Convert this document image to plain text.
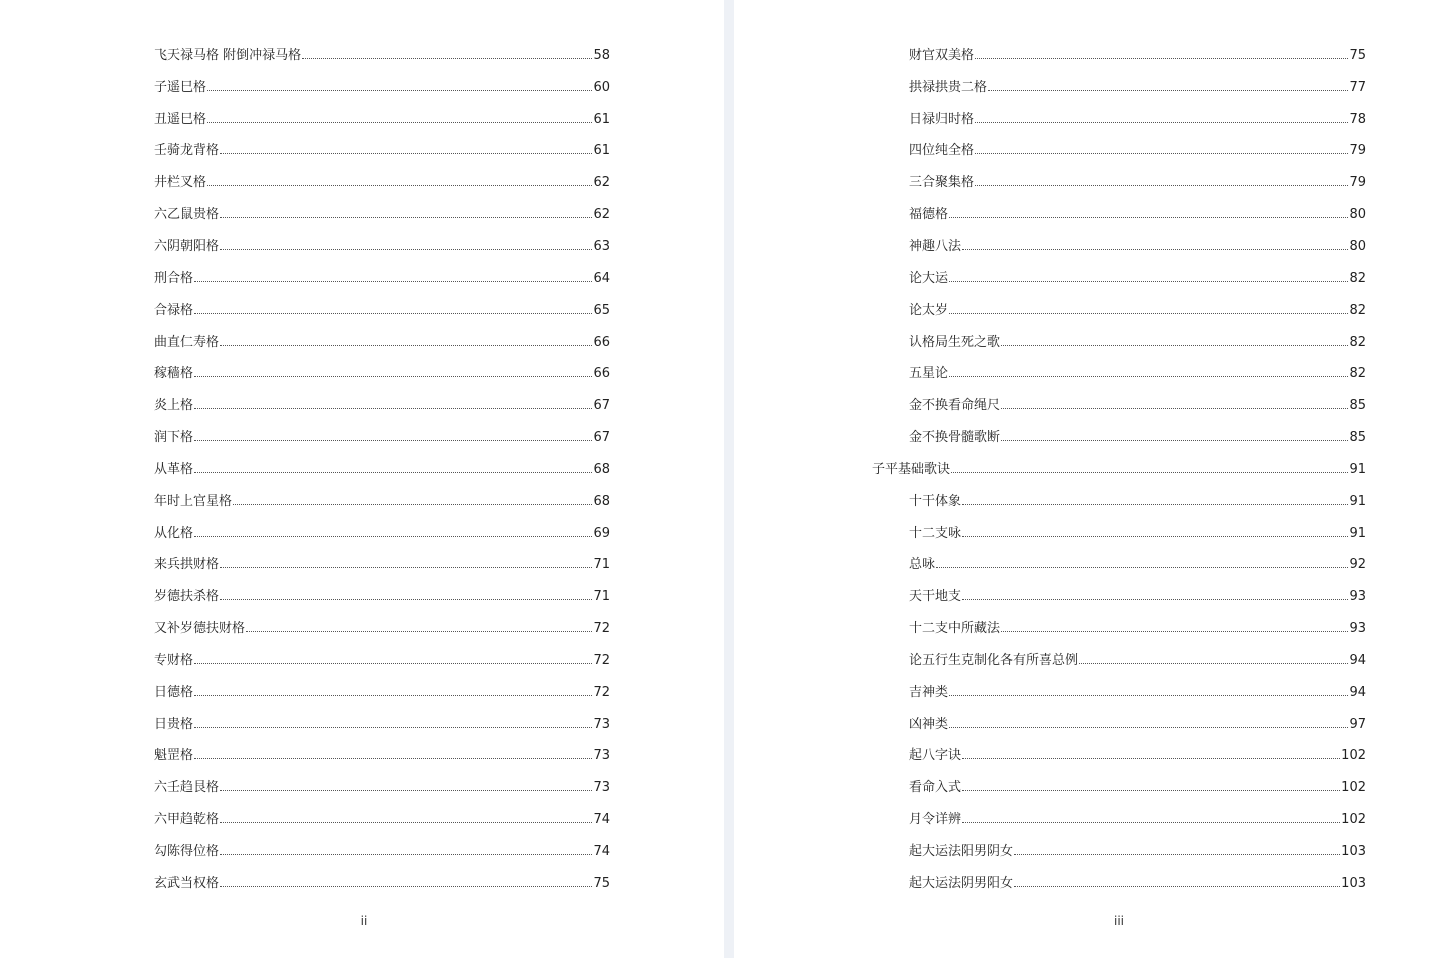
飞天禄马格 附倒冲禄马格	58
子遥巳格	60
丑遥巳格	61
壬骑龙背格	61
井栏叉格	62
六乙鼠贵格	62
六阴朝阳格	63
刑合格	64
合禄格	65
曲直仁寿格	66
稼穑格	66
炎上格	67
润下格	67
从革格	68
年时上官星格	68
从化格	69
来兵拱财格	71
岁德扶杀格	71
又补岁德扶财格	72
专财格	72
日德格	72
日贵格	73
魁罡格	73
六壬趋艮格	73
六甲趋乾格	74
勾陈得位格	74
玄武当权格	75
ii
财官双美格	75
拱禄拱贵二格	77
日禄归时格	78
四位纯全格	79
三合聚集格	79
福德格	80
神趣八法	80
论大运	82
论太岁	82
认格局生死之歌	82
五星论	82
金不换看命绳尺	85
金不换骨髓歌断	85
子平基础歌诀	91
十干体象	91
十二支咏	91
总咏	92
天干地支	93
十二支中所藏法	93
论五行生克制化各有所喜总例	94
吉神类	94
凶神类	97
起八字诀	102
看命入式	102
月令详辨	102
起大运法阳男阴女	103
起大运法阴男阳女	103
iii
